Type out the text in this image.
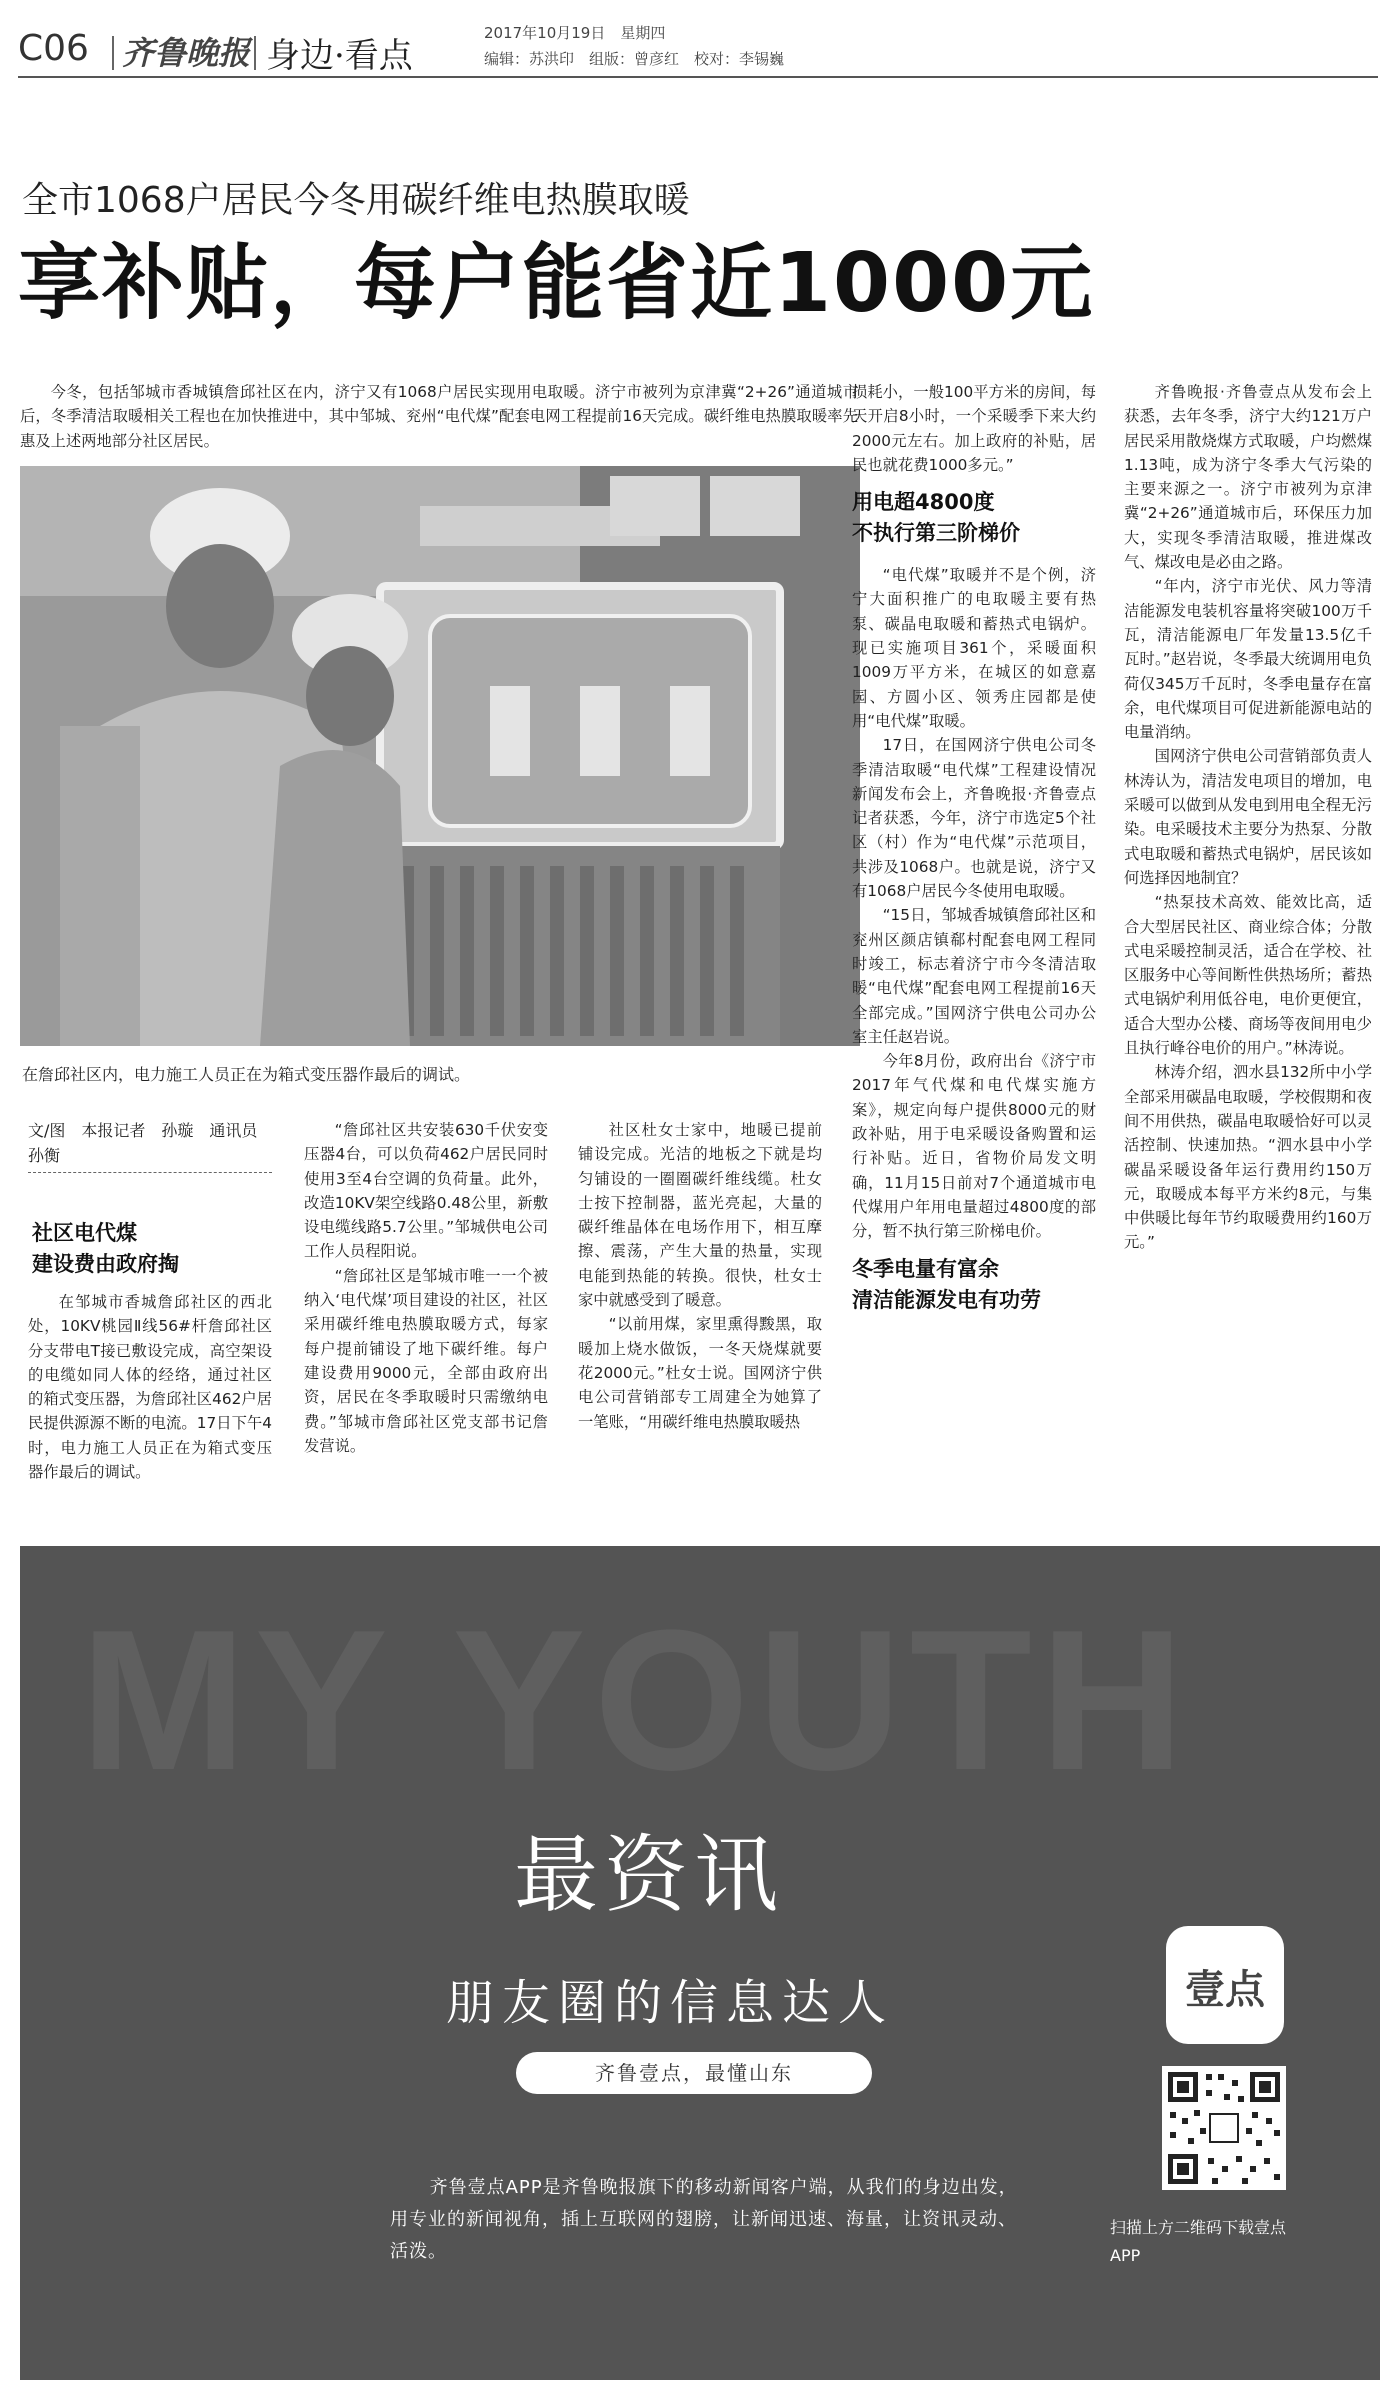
C06 齐鲁晚报 身边·看点
2017年10月19日　星期四
编辑：苏洪印　组版：曾彦红　校对：李锡巍
全市1068户居民今冬用碳纤维电热膜取暖
享补贴，每户能省近1000元

今冬，包括邹城市香城镇詹邱社区在内，济宁又有1068户居民实现用电取暖。济宁市被列为京津冀“2+26”通道城市后，冬季清洁取暖相关工程也在加快推进中，其中邹城、兖州“电代煤”配套电网工程提前16天完成。碳纤维电热膜取暖率先惠及上述两地部分社区居民。

在詹邱社区内，电力施工人员正在为箱式变压器作最后的调试。
文/图　本报记者　孙璇　通讯员　孙衡
社区电代煤
建设费由政府掏

在邹城市香城詹邱社区的西北处，10KV桃园Ⅱ线56#杆詹邱社区分支带电T接已敷设完成，高空架设的电缆如同人体的经络，通过社区的箱式变压器，为詹邱社区462户居民提供源源不断的电流。17日下午4时，电力施工人员正在为箱式变压器作最后的调试。

“詹邱社区共安装630千伏安变压器4台，可以负荷462户居民同时使用3至4台空调的负荷量。此外，改造10KV架空线路0.48公里，新敷设电缆线路5.7公里。”邹城供电公司工作人员程阳说。

“詹邱社区是邹城市唯一一个被纳入‘电代煤’项目建设的社区，社区采用碳纤维电热膜取暖方式，每家每户提前铺设了地下碳纤维。每户建设费用9000元，全部由政府出资，居民在冬季取暖时只需缴纳电费。”邹城市詹邱社区党支部书记詹发营说。

社区杜女士家中，地暖已提前铺设完成。光洁的地板之下就是均匀铺设的一圈圈碳纤维线缆。杜女士按下控制器，蓝光亮起，大量的碳纤维晶体在电场作用下，相互摩擦、震荡，产生大量的热量，实现电能到热能的转换。很快，杜女士家中就感受到了暖意。

“以前用煤，家里熏得黢黑，取暖加上烧水做饭，一冬天烧煤就要花2000元。”杜女士说。国网济宁供电公司营销部专工周建全为她算了一笔账，“用碳纤维电热膜取暖热

损耗小，一般100平方米的房间，每天开启8小时，一个采暖季下来大约2000元左右。加上政府的补贴，居民也就花费1000多元。”

用电超4800度
不执行第三阶梯价

“电代煤”取暖并不是个例，济宁大面积推广的电取暖主要有热泵、碳晶电取暖和蓄热式电锅炉。现已实施项目361个，采暖面积1009万平方米，在城区的如意嘉园、方圆小区、领秀庄园都是使用“电代煤”取暖。

17日，在国网济宁供电公司冬季清洁取暖“电代煤”工程建设情况新闻发布会上，齐鲁晚报·齐鲁壹点记者获悉，今年，济宁市选定5个社区（村）作为“电代煤”示范项目，共涉及1068户。也就是说，济宁又有1068户居民今冬使用电取暖。

“15日，邹城香城镇詹邱社区和兖州区颜店镇郗村配套电网工程同时竣工，标志着济宁市今冬清洁取暖“电代煤”配套电网工程提前16天全部完成。”国网济宁供电公司办公室主任赵岩说。

今年8月份，政府出台《济宁市2017年气代煤和电代煤实施方案》，规定向每户提供8000元的财政补贴，用于电采暖设备购置和运行补贴。近日，省物价局发文明确，11月15日前对7个通道城市电代煤用户年用电量超过4800度的部分，暂不执行第三阶梯电价。

冬季电量有富余
清洁能源发电有功劳

齐鲁晚报·齐鲁壹点从发布会上获悉，去年冬季，济宁大约121万户居民采用散烧煤方式取暖，户均燃煤1.13吨，成为济宁冬季大气污染的主要来源之一。济宁市被列为京津冀“2+26”通道城市后，环保压力加大，实现冬季清洁取暖，推进煤改气、煤改电是必由之路。

“年内，济宁市光伏、风力等清洁能源发电装机容量将突破100万千瓦，清洁能源电厂年发量13.5亿千瓦时。”赵岩说，冬季最大统调用电负荷仅345万千瓦时，冬季电量存在富余，电代煤项目可促进新能源电站的电量消纳。

国网济宁供电公司营销部负责人林涛认为，清洁发电项目的增加，电采暖可以做到从发电到用电全程无污染。电采暖技术主要分为热泵、分散式电取暖和蓄热式电锅炉，居民该如何选择因地制宜？

“热泵技术高效、能效比高，适合大型居民社区、商业综合体；分散式电采暖控制灵活，适合在学校、社区服务中心等间断性供热场所；蓄热式电锅炉利用低谷电，电价更便宜，适合大型办公楼、商场等夜间用电少且执行峰谷电价的用户。”林涛说。

林涛介绍，泗水县132所中小学全部采用碳晶电取暖，学校假期和夜间不用供热，碳晶电取暖恰好可以灵活控制、快速加热。“泗水县中小学碳晶采暖设备年运行费用约150万元，取暖成本每平方米约8元，与集中供暖比每年节约取暖费用约160万元。”

MY YOUTH
最资讯
朋友圈的信息达人
齐鲁壹点，最懂山东

齐鲁壹点APP是齐鲁晚报旗下的移动新闻客户端，从我们的身边出发，用专业的新闻视角，插上互联网的翅膀，让新闻迅速、海量，让资讯灵动、活泼。

壹点
扫描上方二维码下载壹点APP
